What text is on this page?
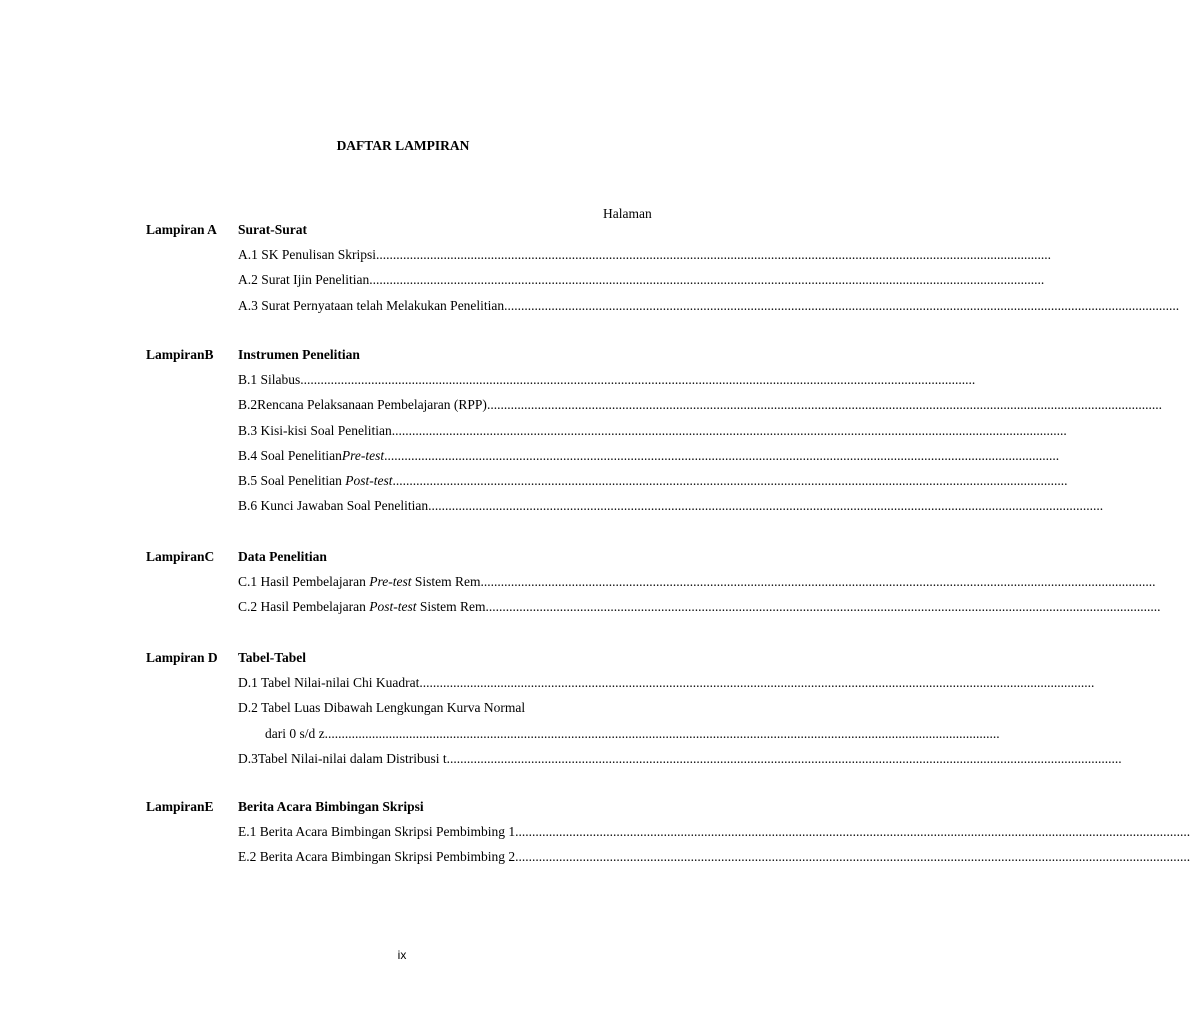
DAFTAR LAMPIRAN
Halaman
Lampiran A Surat-Surat
A.1 SK Penulisan Skripsi........................................................................................................................................................................................................
A.2 Surat Ijin Penelitian........................................................................................................................................................................................................
A.3 Surat Pernyataan telah Melakukan Penelitian........................................................................................................................................................................................................
LampiranB Instrumen Penelitian
B.1 Silabus........................................................................................................................................................................................................
B.2Rencana Pelaksanaan Pembelajaran (RPP)........................................................................................................................................................................................................
B.3 Kisi-kisi Soal Penelitian........................................................................................................................................................................................................
B.4 Soal PenelitianPre-test........................................................................................................................................................................................................
B.5 Soal Penelitian Post-test........................................................................................................................................................................................................
B.6 Kunci Jawaban Soal Penelitian........................................................................................................................................................................................................
LampiranC Data Penelitian
C.1 Hasil Pembelajaran Pre-test Sistem Rem........................................................................................................................................................................................................
C.2 Hasil Pembelajaran Post-test Sistem Rem........................................................................................................................................................................................................
Lampiran D Tabel-Tabel
D.1 Tabel Nilai-nilai Chi Kuadrat........................................................................................................................................................................................................
D.2 Tabel Luas Dibawah Lengkungan Kurva Normal
dari 0 s/d z........................................................................................................................................................................................................
D.3Tabel Nilai-nilai dalam Distribusi t........................................................................................................................................................................................................
LampiranE Berita Acara Bimbingan Skripsi
E.1 Berita Acara Bimbingan Skripsi Pembimbing 1........................................................................................................................................................................................................
E.2 Berita Acara Bimbingan Skripsi Pembimbing 2........................................................................................................................................................................................................
ix
